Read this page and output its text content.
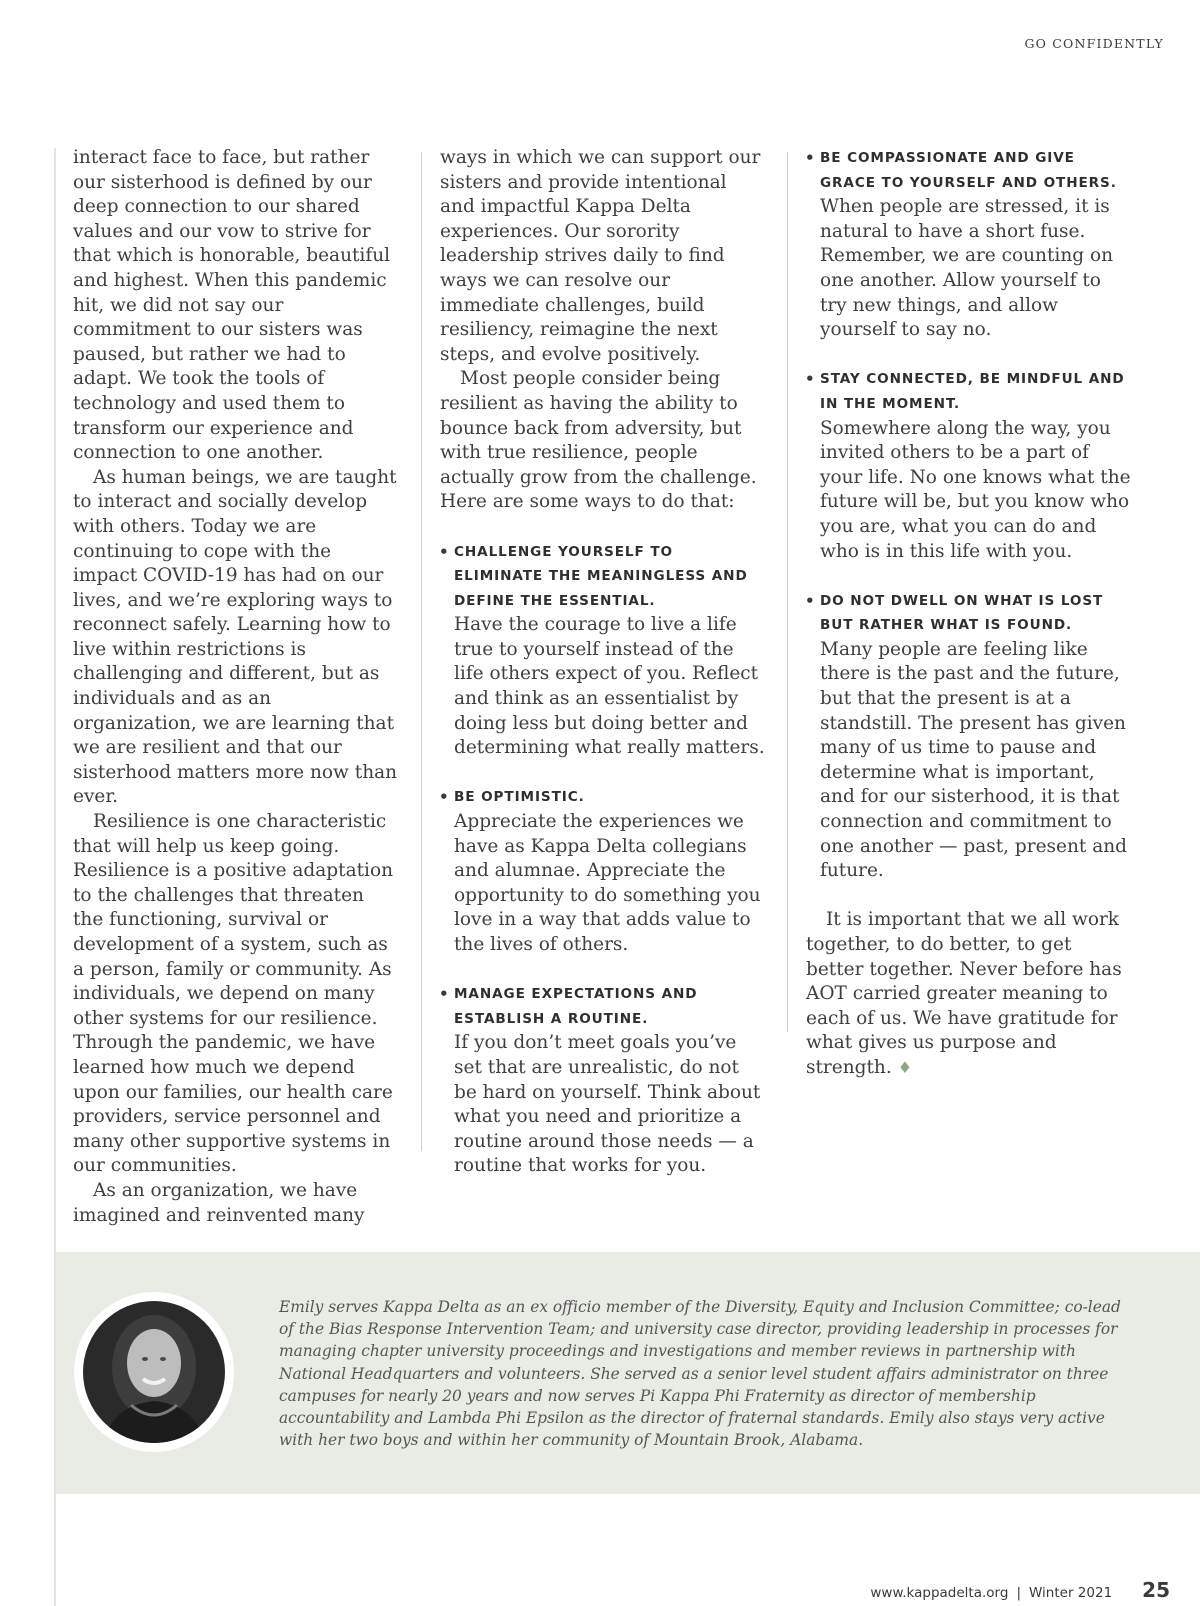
GO CONFIDENTLY

interact face to face, but rather our sisterhood is defined by our deep connection to our shared values and our vow to strive for that which is honorable, beautiful and highest. When this pandemic hit, we did not say our commitment to our sisters was paused, but rather we had to adapt. We took the tools of technology and used them to transform our experience and connection to one another.

As human beings, we are taught to interact and socially develop with others. Today we are continuing to cope with the impact COVID-19 has had on our lives, and we’re exploring ways to reconnect safely. Learning how to live within restrictions is challenging and different, but as individuals and as an organization, we are learning that we are resilient and that our sisterhood matters more now than ever.

Resilience is one characteristic that will help us keep going. Resilience is a positive adaptation to the challenges that threaten the functioning, survival or development of a system, such as a person, family or community. As individuals, we depend on many other systems for our resilience. Through the pandemic, we have learned how much we depend upon our families, our health care providers, service personnel and many other supportive systems in our communities.

As an organization, we have imagined and reinvented many

ways in which we can support our sisters and provide intentional and impactful Kappa Delta experiences. Our sorority leadership strives daily to find ways we can resolve our immediate challenges, build resiliency, reimagine the next steps, and evolve positively.

Most people consider being resilient as having the ability to bounce back from adversity, but with true resilience, people actually grow from the challenge. Here are some ways to do that:

• CHALLENGE YOURSELF TO ELIMINATE THE MEANINGLESS AND DEFINE THE ESSENTIAL.
Have the courage to live a life true to yourself instead of the life others expect of you. Reflect and think as an essentialist by doing less but doing better and determining what really matters.
• BE OPTIMISTIC.
Appreciate the experiences we have as Kappa Delta collegians and alumnae. Appreciate the opportunity to do something you love in a way that adds value to the lives of others.
• MANAGE EXPECTATIONS AND ESTABLISH A ROUTINE.
If you don’t meet goals you’ve set that are unrealistic, do not be hard on yourself. Think about what you need and prioritize a routine around those needs — a routine that works for you.
• BE COMPASSIONATE AND GIVE GRACE TO YOURSELF AND OTHERS.
When people are stressed, it is natural to have a short fuse. Remember, we are counting on one another. Allow yourself to try new things, and allow yourself to say no.
• STAY CONNECTED, BE MINDFUL AND IN THE MOMENT.
Somewhere along the way, you invited others to be a part of your life. No one knows what the future will be, but you know who you are, what you can do and who is in this life with you.
• DO NOT DWELL ON WHAT IS LOST BUT RATHER WHAT IS FOUND.
Many people are feeling like there is the past and the future, but that the present is at a standstill. The present has given many of us time to pause and determine what is important, and for our sisterhood, it is that connection and commitment to one another — past, present and future.

It is important that we all work together, to do better, to get better together. Never before has AOT carried greater meaning to each of us. We have gratitude for what gives us purpose and strength. ♦

Emily serves Kappa Delta as an ex officio member of the Diversity, Equity and Inclusion Committee; co-lead of the Bias Response Intervention Team; and university case director, providing leadership in processes for managing chapter university proceedings and investigations and member reviews in partnership with National Headquarters and volunteers. She served as a senior level student affairs administrator on three campuses for nearly 20 years and now serves Pi Kappa Phi Fraternity as director of membership accountability and Lambda Phi Epsilon as the director of fraternal standards. Emily also stays very active with her two boys and within her community of Mountain Brook, Alabama.
www.kappadelta.org | Winter 2021 25
